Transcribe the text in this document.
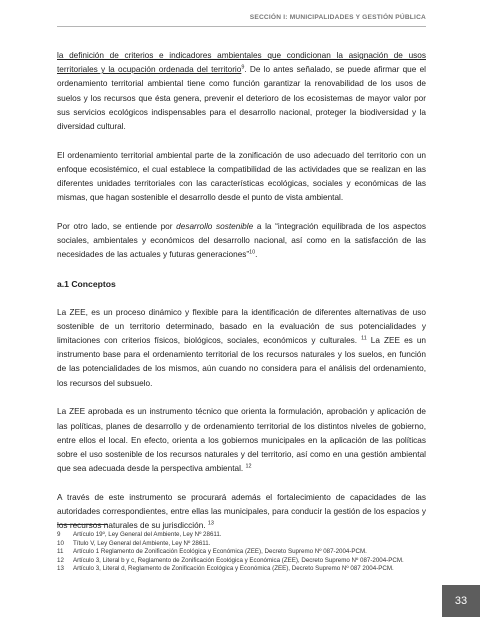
SECCIÓN I: MUNICIPALIDADES Y GESTIÓN PÚBLICA

la definición de criterios e indicadores ambientales que condicionan la asignación de usos territoriales y la ocupación ordenada del territorio$^9$. De lo antes señalado, se puede afirmar que el ordenamiento territorial ambiental tiene como función garantizar la renovabilidad de los usos de suelos y los recursos que ésta genera, prevenir el deterioro de los ecosistemas de mayor valor por sus servicios ecológicos indispensables para el desarrollo nacional, proteger la biodiversidad y la diversidad cultural.

El ordenamiento territorial ambiental parte de la zonificación de uso adecuado del territorio con un enfoque ecosistémico, el cual establece la compatibilidad de las actividades que se realizan en las diferentes unidades territoriales con las características ecológicas, sociales y económicas de las mismas, que hagan sostenible el desarrollo desde el punto de vista ambiental.

Por otro lado, se entiende por desarrollo sostenible a la “integración equilibrada de los aspectos sociales, ambientales y económicos del desarrollo nacional, así como en la satisfacción de las necesidades de las actuales y futuras generaciones”$^{10}$.

a.1 Conceptos

La ZEE, es un proceso dinámico y flexible para la identificación de diferentes alternativas de uso sostenible de un territorio determinado, basado en la evaluación de sus potencialidades y limitaciones con criterios físicos, biológicos, sociales, económicos y culturales. $^{11}$ La ZEE es un instrumento base para el ordenamiento territorial de los recursos naturales y los suelos, en función de las potencialidades de los mismos, aún cuando no considera para el análisis del ordenamiento, los recursos del subsuelo.

La ZEE aprobada es un instrumento técnico que orienta la formulación, aprobación y aplicación de las políticas, planes de desarrollo y de ordenamiento territorial de los distintos niveles de gobierno, entre ellos el local. En efecto, orienta a los gobiernos municipales en la aplicación de las políticas sobre el uso sostenible de los recursos naturales y del territorio, así como en una gestión ambiental que sea adecuada desde la perspectiva ambiental. $^{12}$

A través de este instrumento se procurará además el fortalecimiento de capacidades de las autoridades correspondientes, entre ellas las municipales, para conducir la gestión de los espacios y los recursos naturales de su jurisdicción. $^{13}$

9	Artículo 19º, Ley General del Ambiente, Ley Nº 28611.
10	Título V, Ley General del Ambiente, Ley Nº 28611.
11	Artículo 1 Reglamento de Zonificación Ecológica y Económica (ZEE), Decreto Supremo Nº 087-2004-PCM.
12	Artículo 3, Literal b y c, Reglamento de Zonificación Ecológica y Económica (ZEE), Decreto Supremo Nº 087-2004-PCM.
13	Artículo 3, Literal d, Reglamento de Zonificación Ecológica y Económica (ZEE), Decreto Supremo Nº 087 2004-PCM.
33
